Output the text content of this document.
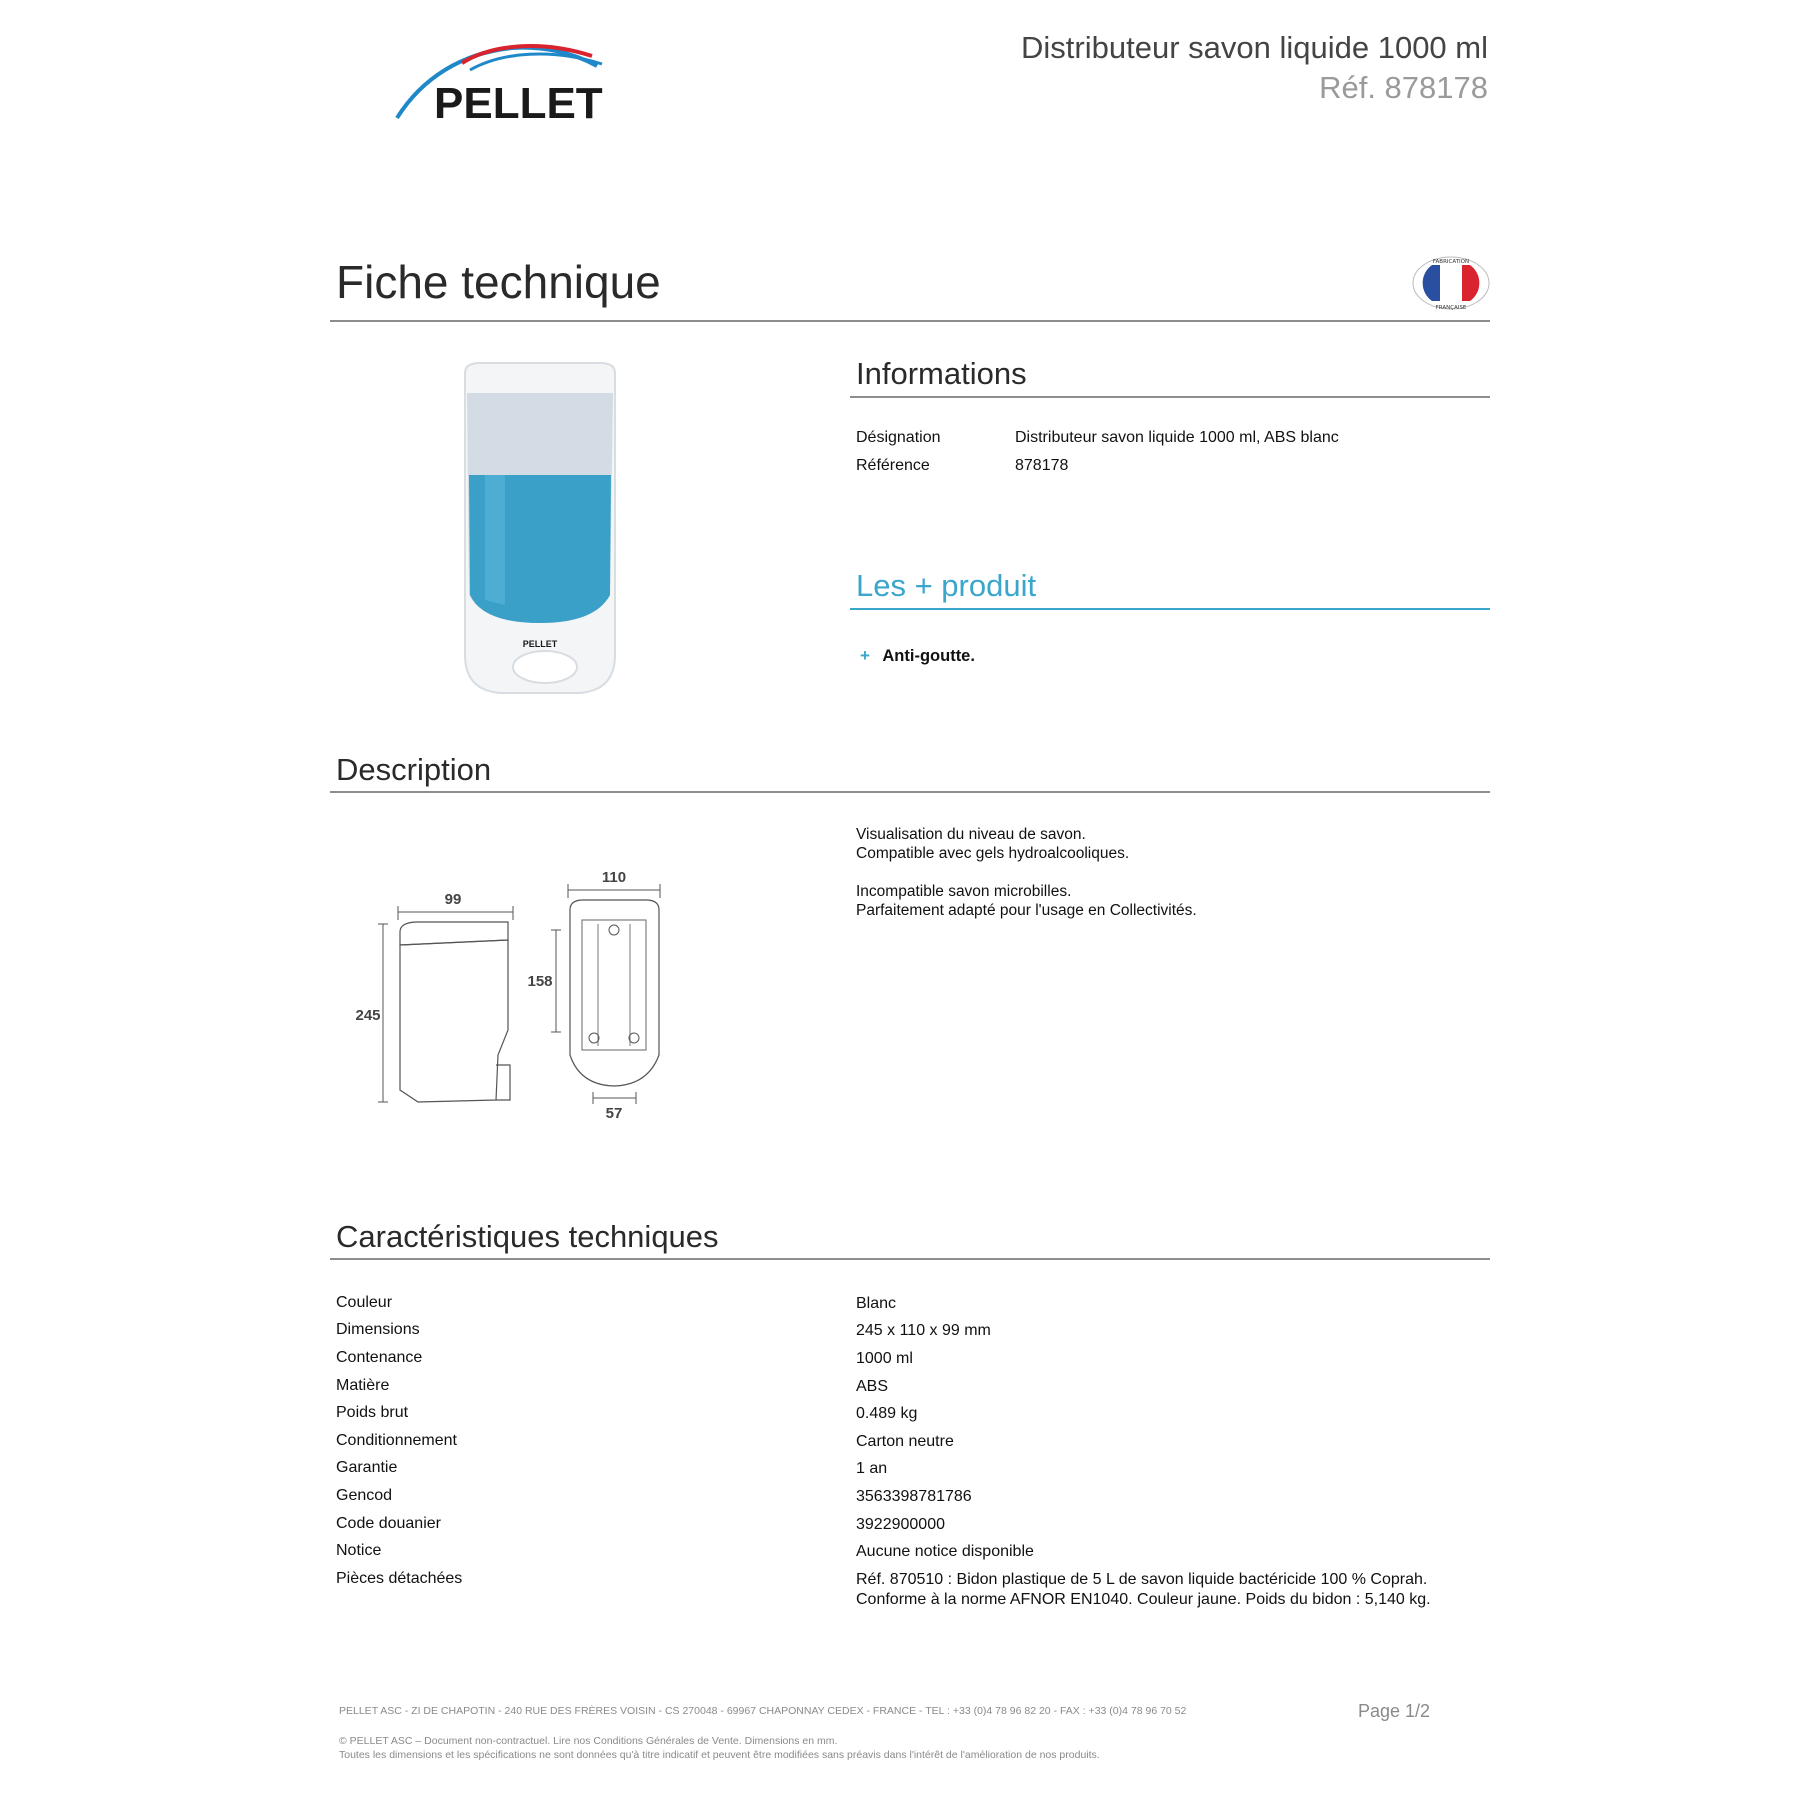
PELLET
Distributeur savon liquide 1000 ml
Réf. 878178
Fiche technique	FABRICATION
FRANÇAISE
PELLET
Informations
Désignation	Distributeur savon liquide 1000 ml, ABS blanc
Référence	878178
Les + produit
+ Anti-goutte.
Description
99
245
110
158
57
Visualisation du niveau de savon.
Compatible avec gels hydroalcooliques.
Incompatible savon microbilles.
Parfaitement adapté pour l'usage en Collectivités.
Caractéristiques techniques
Couleur	Blanc
Dimensions	245 x 110 x 99 mm
Contenance	1000 ml
Matière	ABS
Poids brut	0.489 kg
Conditionnement	Carton neutre
Garantie	1 an
Gencod	3563398781786
Code douanier	3922900000
Notice	Aucune notice disponible
Pièces détachées	Réf. 870510 : Bidon plastique de 5 L de savon liquide bactéricide 100 % Coprah. Conforme à la norme AFNOR EN1040. Couleur jaune. Poids du bidon : 5,140 kg.
PELLET ASC - ZI DE CHAPOTIN - 240 RUE DES FRÈRES VOISIN - CS 270048 - 69967 CHAPONNAY CEDEX - FRANCE - TEL : +33 (0)4 78 96 82 20 - FAX : +33 (0)4 78 96 70 52	Page 1/2
© PELLET ASC – Document non-contractuel. Lire nos Conditions Générales de Vente. Dimensions en mm.
Toutes les dimensions et les spécifications ne sont données qu'à titre indicatif et peuvent être modifiées sans préavis dans l'intérêt de l'amélioration de nos produits.
